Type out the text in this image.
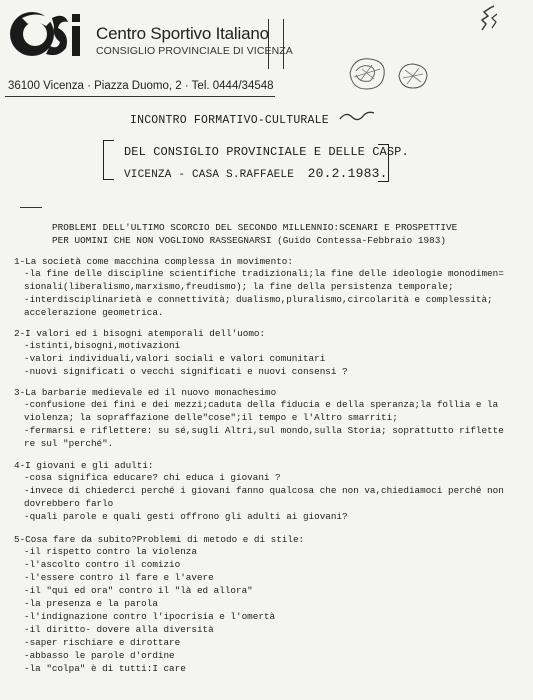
Centro Sportivo Italiano
CONSIGLIO PROVINCIALE DI VICENZA
36100 Vicenza · Piazza Duomo, 2 · Tel. 0444/34548
INCONTRO FORMATIVO-CULTURALE
DEL CONSIGLIO PROVINCIALE E DELLE CASP.
VICENZA - CASA S.RAFFAELE 20.2.1983.
PROBLEMI DELL'ULTIMO SCORCIO DEL SECONDO MILLENNIO:SCENARI E PROSPETTIVE
PER UOMINI CHE NON VOGLIONO RASSEGNARSI (Guido Contessa-Febbraio 1983)
1-La società come macchina complessa in movimento:
-la fine delle discipline scientifiche tradizionali;la fine delle ideologie monodimen=
sionali(liberalismo,marxismo,freudismo); la fine della persistenza temporale;
-interdisciplinarietà e connettività; dualismo,pluralismo,circolarità e complessità;
accelerazione geometrica.
2-I valori ed i bisogni atemporali dell'uomo:
-istinti,bisogni,motivazioni
-valori individuali,valori sociali e valori comunitari
-nuovi significati o vecchi significati e nuovi consensi ?
3-La barbarie medievale ed il nuovo monachesimo
-confusione dei fini e dei mezzi;caduta della fiducia e della speranza;la follia e la
violenza; la sopraffazione delle"cose";il tempo e l'Altro smarriti;
-fermarsi e riflettere: su sé,sugli Altri,sul mondo,sulla Storia; soprattutto riflette
re sul "perché".
4-I giovani e gli adulti:
-cosa significa educare? chi educa i giovani ?
-invece di chiederci perché i giovani fanno qualcosa che non va,chiediamoci perché non
dovrebbero farlo
-quali parole e quali gesti offrono gli adulti ai giovani?
5-Cosa fare da subito?Problemi di metodo e di stile:
-il rispetto contro la violenza
-l'ascolto contro il comizio
-l'essere contro il fare e l'avere
-il "qui ed ora" contro il "là ed allora"
-la presenza e la parola
-l'indignazione contro l'ipocrisia e l'omertà
-il diritto- dovere alla diversità
-saper rischiare e dirottare
-abbasso le parole d'ordine
-la "colpa" è di tutti:I care
